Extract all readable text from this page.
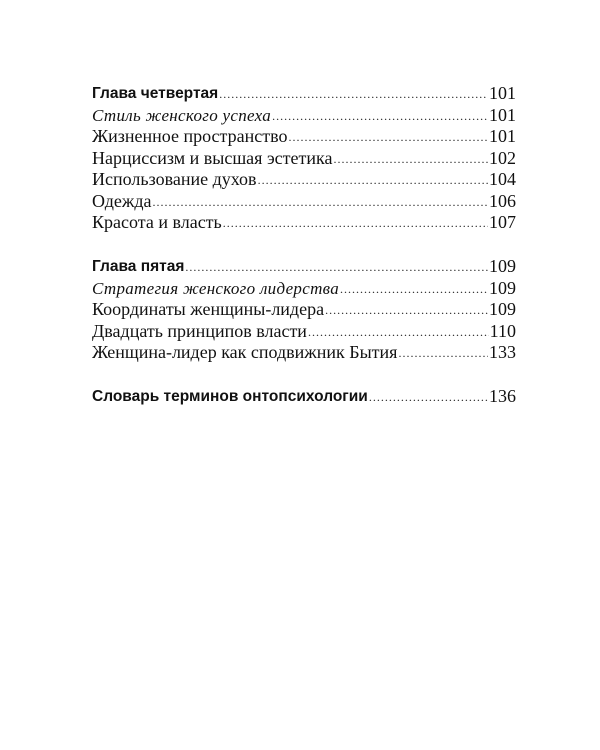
Глава четвертая .....	101
Стиль женского успеха .....	101
Жизненное пространство .....	101
Нарциссизм и высшая эстетика .....	102
Использование духов .....	104
Одежда .....	106
Красота и власть .....	107
Глава пятая .....	109
Стратегия женского лидерства .....	109
Координаты женщины-лидера .....	109
Двадцать принципов власти .....	110
Женщина-лидер как сподвижник Бытия .....	133
Словарь терминов онтопсихологии .....	136
